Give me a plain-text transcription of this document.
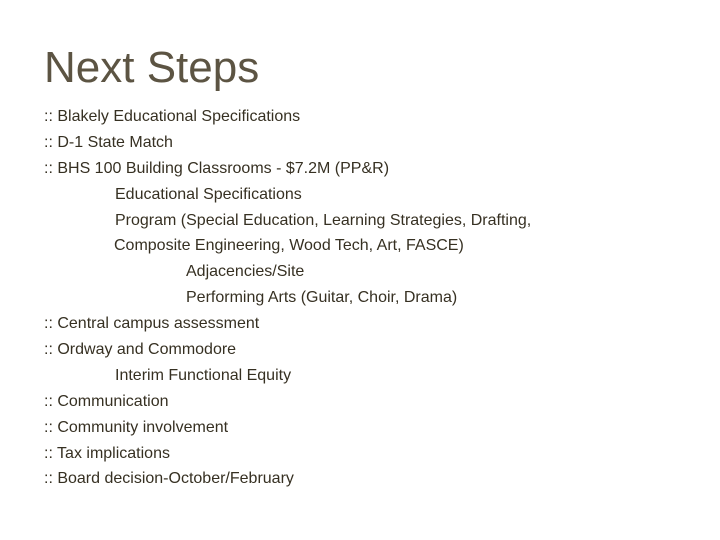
Next Steps
:: Blakely Educational Specifications
:: D-1 State Match
:: BHS 100 Building Classrooms - $7.2M (PP&R)
Educational Specifications
Program (Special Education, Learning Strategies, Drafting,
Composite Engineering, Wood Tech, Art, FASCE)
Adjacencies/Site
Performing Arts (Guitar, Choir, Drama)
:: Central campus assessment
:: Ordway and Commodore
Interim Functional Equity
:: Communication
:: Community involvement
:: Tax implications
:: Board decision-October/February
